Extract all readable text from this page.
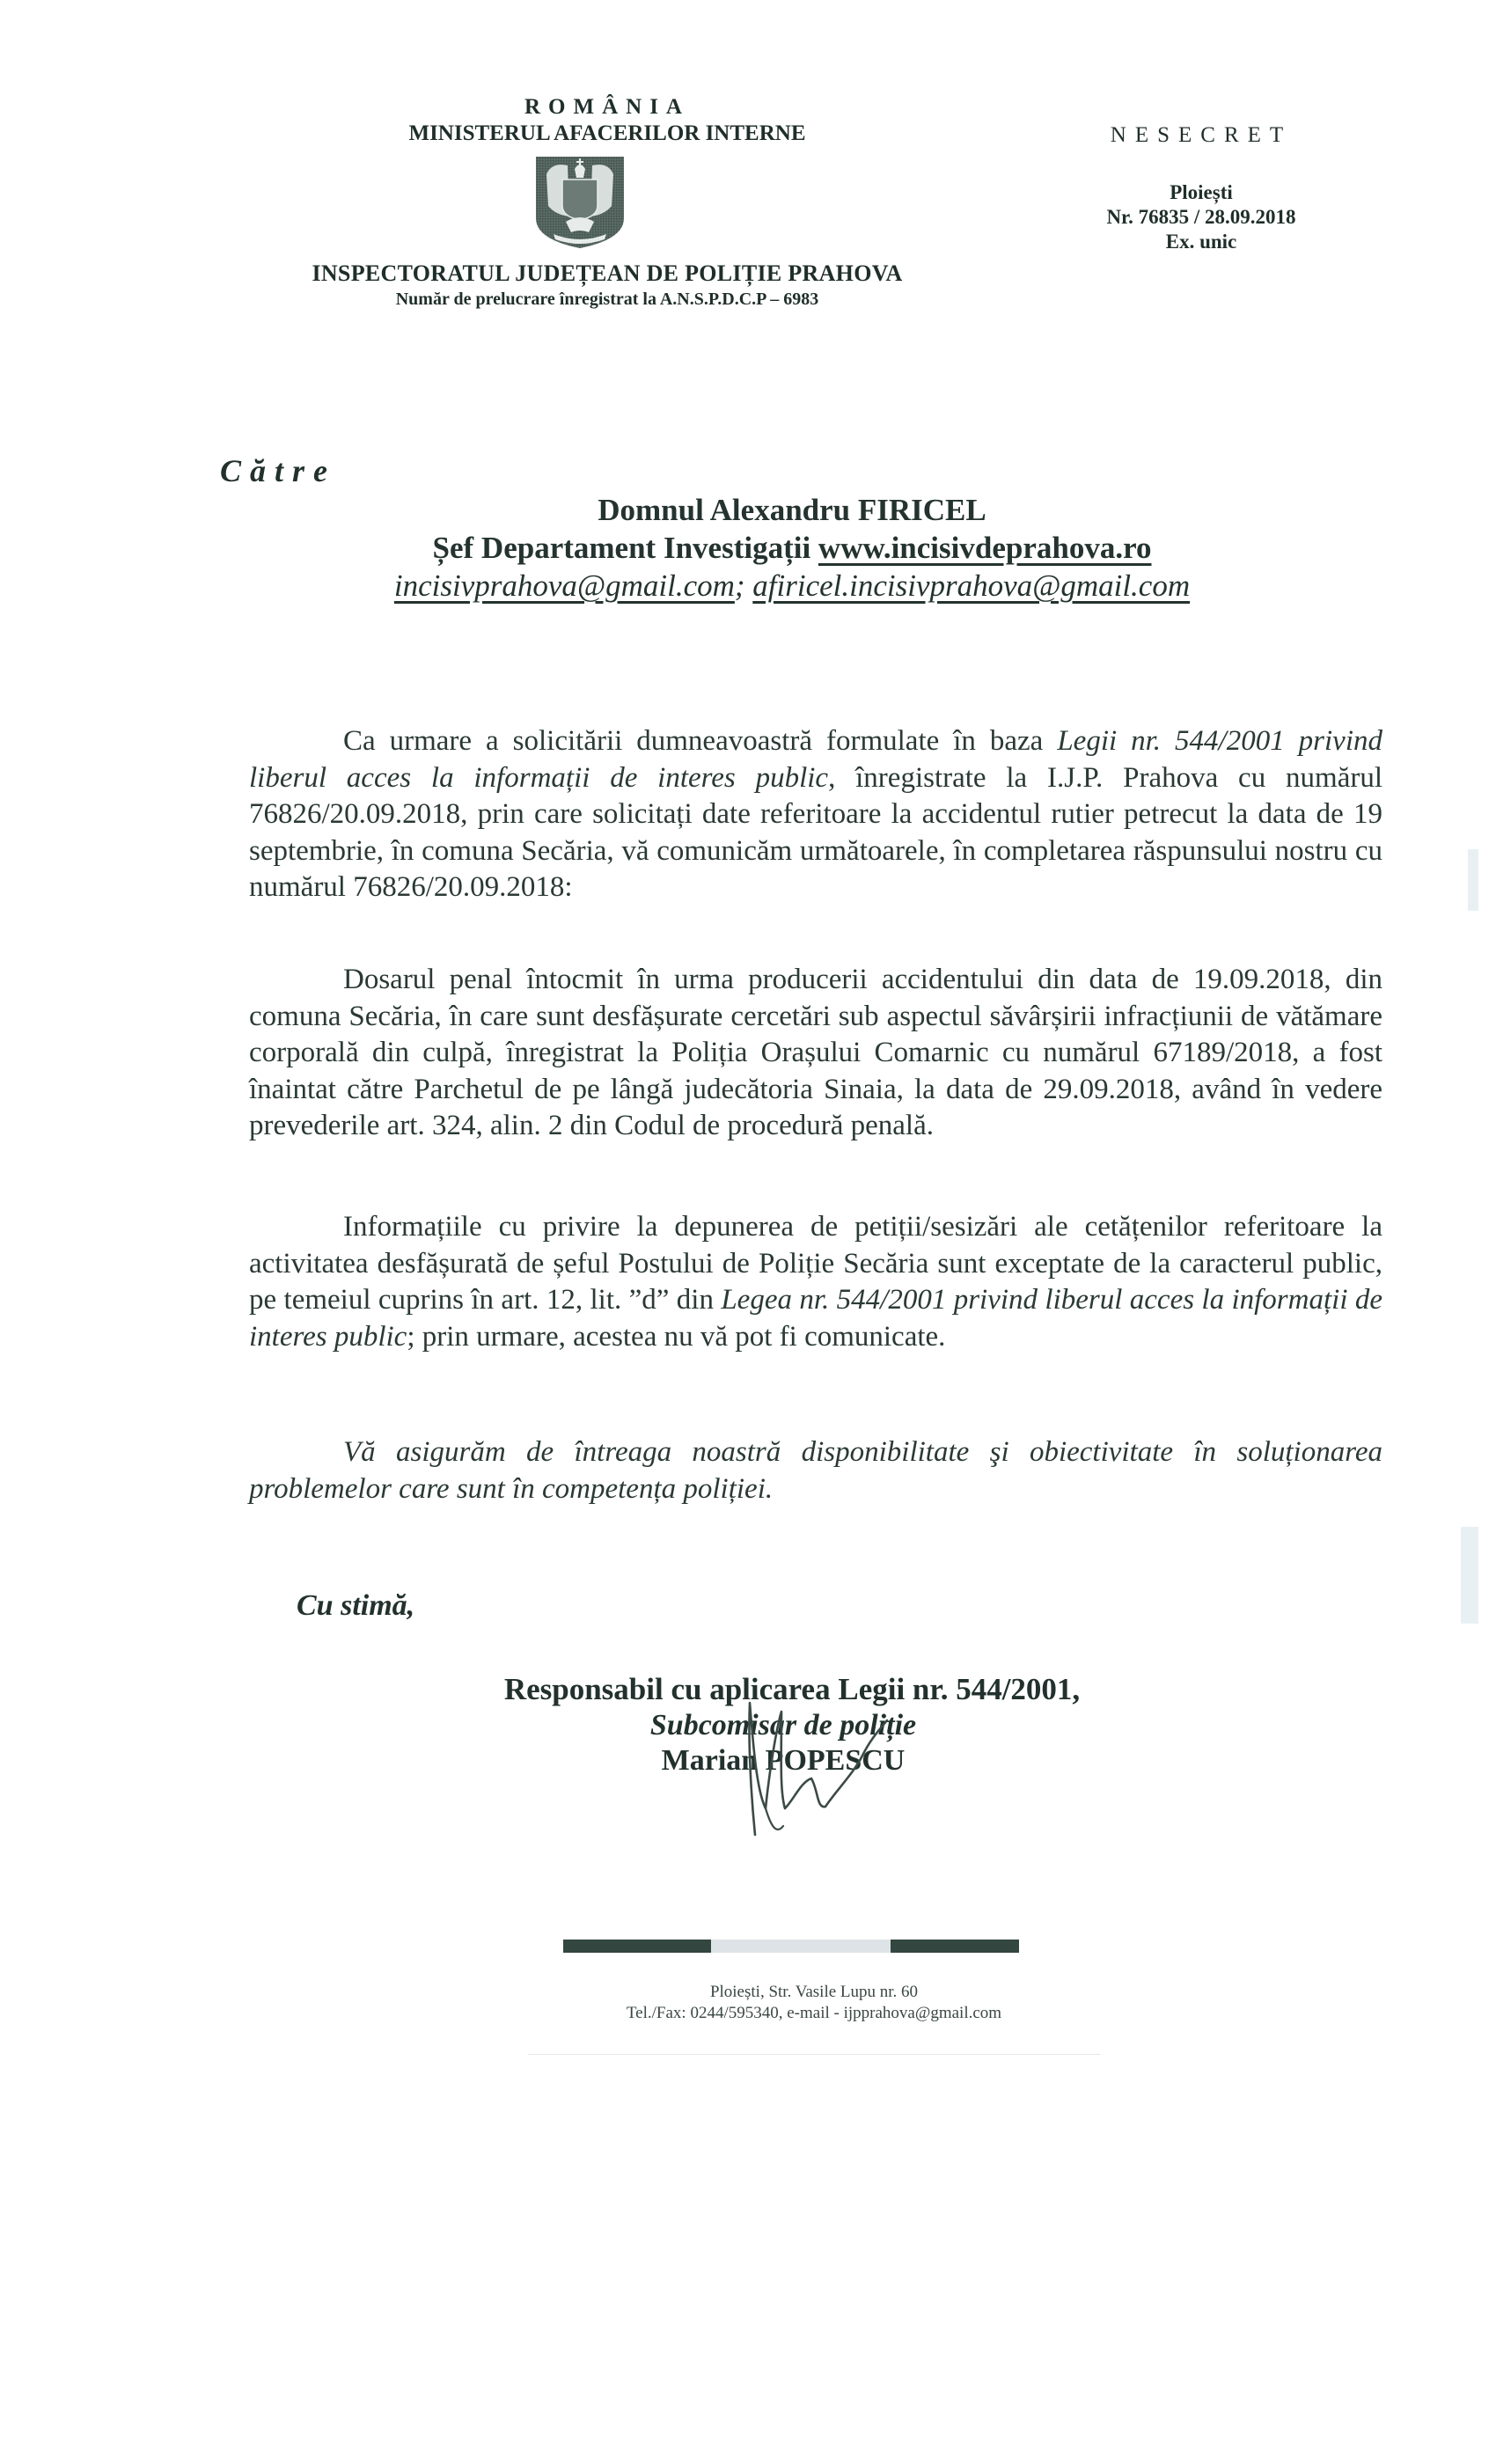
ROMÂNIA
MINISTERUL AFACERILOR INTERNE
INSPECTORATUL JUDEȚEAN DE POLIȚIE PRAHOVA
Număr de prelucrare înregistrat la A.N.S.P.D.C.P – 6983
NESECRET
Ploiești
Nr. 76835 / 28.09.2018
Ex. unic
Către
Domnul Alexandru FIRICEL
Șef Departament Investigații www.incisivdeprahova.ro
incisivprahova@gmail.com; afiricel.incisivprahova@gmail.com

Ca urmare a solicitării dumneavoastră formulate în baza Legii nr. 544/2001 privind liberul acces la informații de interes public, înregistrate la I.J.P. Prahova cu numărul 76826/20.09.2018, prin care solicitați date referitoare la accidentul rutier petrecut la data de 19 septembrie, în comuna Secăria, vă comunicăm următoarele, în completarea răspunsului nostru cu numărul 76826/20.09.2018:

Dosarul penal întocmit în urma producerii accidentului din data de 19.09.2018, din comuna Secăria, în care sunt desfășurate cercetări sub aspectul săvârșirii infracțiunii de vătămare corporală din culpă, înregistrat la Poliția Orașului Comarnic cu numărul 67189/2018, a fost înaintat către Parchetul de pe lângă judecătoria Sinaia, la data de 29.09.2018, având în vedere prevederile art. 324, alin. 2 din Codul de procedură penală.

Informațiile cu privire la depunerea de petiții/sesizări ale cetățenilor referitoare la activitatea desfășurată de șeful Postului de Poliție Secăria sunt exceptate de la caracterul public, pe temeiul cuprins în art. 12, lit. ”d” din Legea nr. 544/2001 privind liberul acces la informații de interes public; prin urmare, acestea nu vă pot fi comunicate.

Vă asigurăm de întreaga noastră disponibilitate şi obiectivitate în soluționarea problemelor care sunt în competența poliției.

Cu stimă,
Responsabil cu aplicarea Legii nr. 544/2001,
Subcomisar de poliție
Marian POPESCU
Ploiești, Str. Vasile Lupu nr. 60
Tel./Fax: 0244/595340, e-mail - ijpprahova@gmail.com
